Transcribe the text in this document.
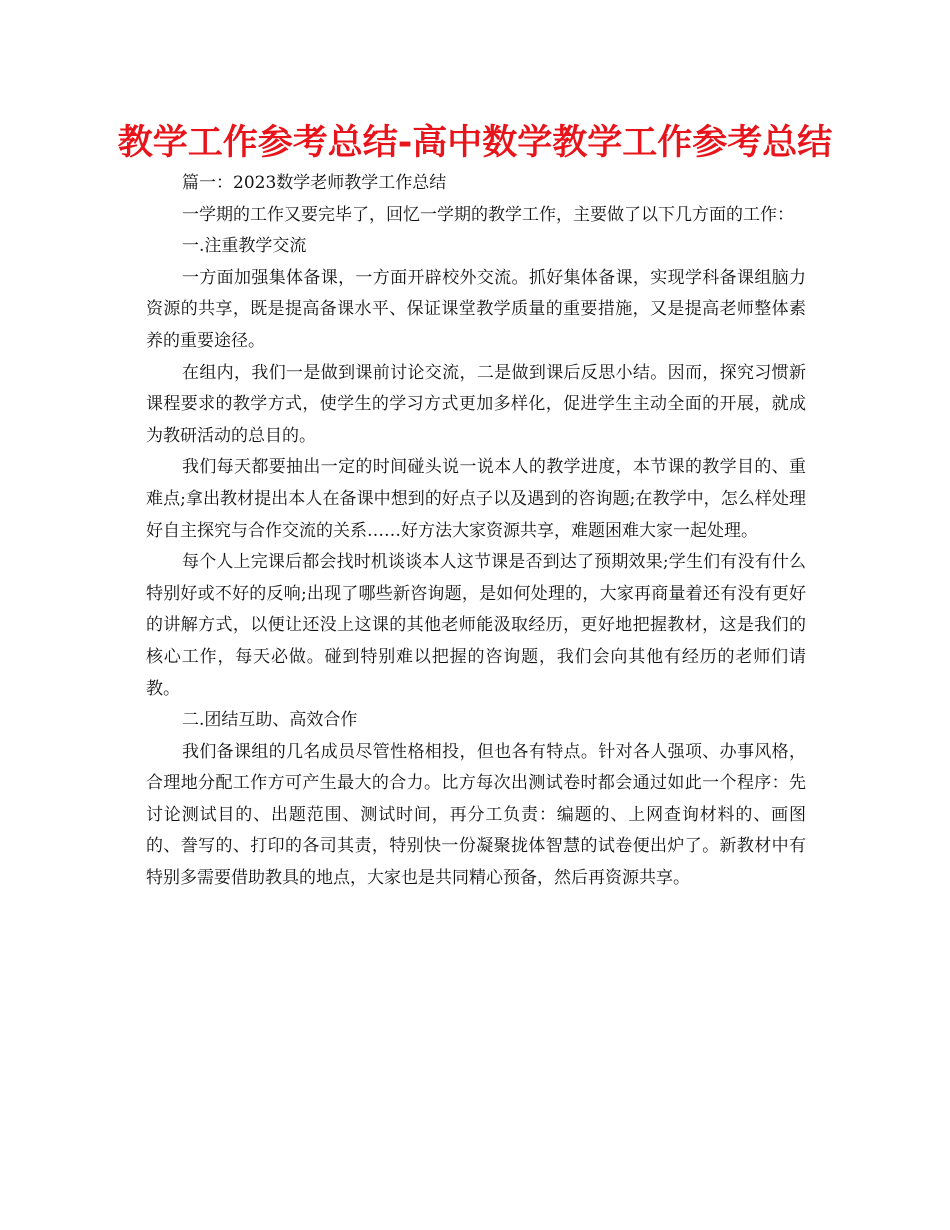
教学工作参考总结-高中数学教学工作参考总结

篇一：2023数学老师教学工作总结

一学期的工作又要完毕了，回忆一学期的教学工作，主要做了以下几方面的工作：

一.注重教学交流

一方面加强集体备课，一方面开辟校外交流。抓好集体备课，实现学科备课组脑力资源的共享，既是提高备课水平、保证课堂教学质量的重要措施，又是提高老师整体素养的重要途径。

在组内，我们一是做到课前讨论交流，二是做到课后反思小结。因而，探究习惯新课程要求的教学方式，使学生的学习方式更加多样化，促进学生主动全面的开展，就成为教研活动的总目的。

我们每天都要抽出一定的时间碰头说一说本人的教学进度，本节课的教学目的、重难点;拿出教材提出本人在备课中想到的好点子以及遇到的咨询题;在教学中，怎么样处理好自主探究与合作交流的关系……好方法大家资源共享，难题困难大家一起处理。

每个人上完课后都会找时机谈谈本人这节课是否到达了预期效果;学生们有没有什么特别好或不好的反响;出现了哪些新咨询题，是如何处理的，大家再商量着还有没有更好的讲解方式，以便让还没上这课的其他老师能汲取经历，更好地把握教材，这是我们的核心工作，每天必做。碰到特别难以把握的咨询题，我们会向其他有经历的老师们请教。

二.团结互助、高效合作

我们备课组的几名成员尽管性格相投，但也各有特点。针对各人强项、办事风格，合理地分配工作方可产生最大的合力。比方每次出测试卷时都会通过如此一个程序：先讨论测试目的、出题范围、测试时间，再分工负责：编题的、上网查询材料的、画图的、誊写的、打印的各司其责，特别快一份凝聚拢体智慧的试卷便出炉了。新教材中有特别多需要借助教具的地点，大家也是共同精心预备，然后再资源共享。
